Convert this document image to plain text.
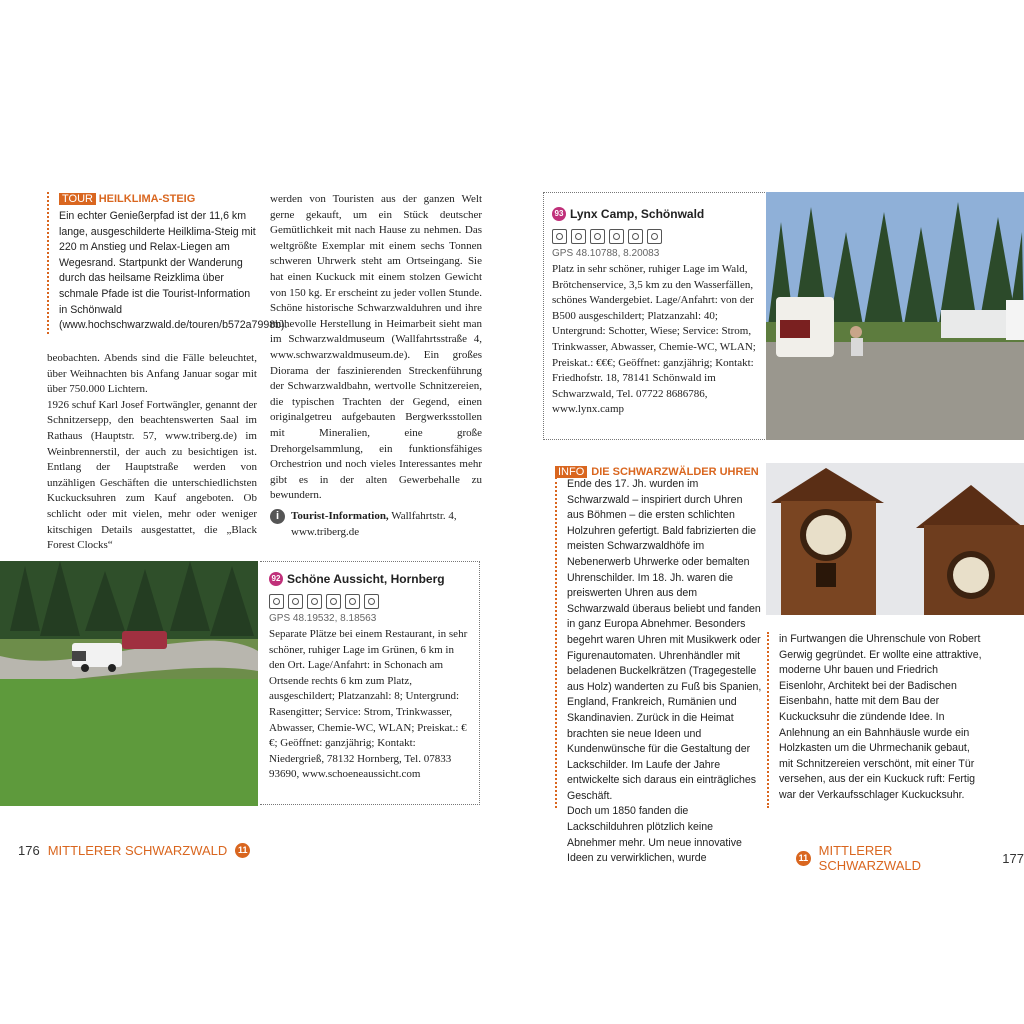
TOUR HEILKLIMA-STEIG

Ein echter Genießerpfad ist der 11,6 km lange, ausgeschilderte Heilklima-Steig mit 220 m Anstieg und Relax-Liegen am Wegesrand. Startpunkt der Wanderung durch das heilsame Reizklima über schmale Pfade ist die Tourist-Information in Schönwald (www.hochschwarzwald.de/touren/b572a7998b).

beobachten. Abends sind die Fälle beleuchtet, über Weihnachten bis Anfang Januar sogar mit über 750.000 Lichtern.

1926 schuf Karl Josef Fortwängler, genannt der Schnitzersepp, den beachtenswerten Saal im Rathaus (Hauptstr. 57, www.triberg.de) im Weinbrennerstil, der auch zu besichtigen ist. Entlang der Hauptstraße werden von unzähligen Geschäften die unterschiedlichsten Kuckucksuhren zum Kauf angeboten. Ob schlicht oder mit vielen, mehr oder weniger kitschigen Details ausgestattet, die „Black Forest Clocks“

werden von Touristen aus der ganzen Welt gerne gekauft, um ein Stück deutscher Gemütlichkeit mit nach Hause zu nehmen. Das weltgrößte Exemplar mit einem sechs Tonnen schweren Uhrwerk steht am Ortseingang. Sie hat einen Kuckuck mit einem stolzen Gewicht von 150 kg. Er erscheint zu jeder vollen Stunde. Schöne historische Schwarzwalduhren und ihre mühevolle Herstellung in Heimarbeit sieht man im Schwarzwaldmuseum (Wallfahrtsstraße 4, www.schwarzwaldmuseum.de). Ein großes Diorama der faszinierenden Streckenführung der Schwarzwaldbahn, wertvolle Schnitzereien, die typischen Trachten der Gegend, einen originalgetreu aufgebauten Bergwerksstollen mit Mineralien, eine große Drehorgelsammlung, ein funktionsfähiges Orchestrion und noch vieles Interessantes mehr gibt es in der alten Gewerbehalle zu bewundern.

i	Tourist-Information, Wallfahrtstr. 4, www.triberg.de

92 Schöne Aussicht, Hornberg

GPS 48.19532, 8.18563

Separate Plätze bei einem Restaurant, in sehr schöner, ruhiger Lage im Grünen, 6 km in den Ort. Lage/Anfahrt: in Schonach am Ortsende rechts 6 km zum Platz, ausgeschildert; Platzanzahl: 8; Untergrund: Rasengitter; Service: Strom, Trinkwasser, Abwasser, Chemie-WC, WLAN; Preiskat.: €€; Geöffnet: ganzjährig; Kontakt: Niedergrieß, 78132 Hornberg, Tel. 07833 93690, www.schoeneaussicht.com

93 Lynx Camp, Schönwald

GPS 48.10788, 8.20083

Platz in sehr schöner, ruhiger Lage im Wald, Brötchenservice, 3,5 km zu den Wasserfällen, schönes Wandergebiet. Lage/Anfahrt: von der B500 ausgeschildert; Platzanzahl: 40; Untergrund: Schotter, Wiese; Service: Strom, Trinkwasser, Abwasser, Chemie-WC, WLAN; Preiskat.: €€€; Geöffnet: ganzjährig; Kontakt: Friedhofstr. 18, 78141 Schönwald im Schwarzwald, Tel. 07722 8686786, www.lynx.camp

INFO DIE SCHWARZWÄLDER UHREN

Ende des 17. Jh. wurden im Schwarzwald – inspiriert durch Uhren aus Böhmen – die ersten schlichten Holzuhren gefertigt. Bald fabrizierten die meisten Schwarzwaldhöfe im Nebenerwerb Uhrwerke oder bemalten Uhrenschilder. Im 18. Jh. waren die preiswerten Uhren aus dem Schwarzwald überaus beliebt und fanden in ganz Europa Abnehmer. Besonders begehrt waren Uhren mit Musikwerk oder Figurenautomaten. Uhrenhändler mit beladenen Buckelkrätzen (Tragegestelle aus Holz) wanderten zu Fuß bis Spanien, England, Frankreich, Rumänien und Skandinavien. Zurück in die Heimat brachten sie neue Ideen und Kundenwünsche für die Gestaltung der Lackschilder. Im Laufe der Jahre entwickelte sich daraus ein einträgliches Geschäft.

Doch um 1850 fanden die Lackschilduhren plötzlich keine Abnehmer mehr. Um neue innovative Ideen zu verwirklichen, wurde

in Furtwangen die Uhrenschule von Robert Gerwig gegründet. Er wollte eine attraktive, moderne Uhr bauen und Friedrich Eisenlohr, Architekt bei der Badischen Eisenbahn, hatte mit dem Bau der Kuckucksuhr die zündende Idee. In Anlehnung an ein Bahnhäusle wurde ein Holzkasten um die Uhrmechanik gebaut, mit Schnitzereien verschönt, mit einer Tür versehen, aus der ein Kuckuck ruft: Fertig war der Verkaufsschlager Kuckucksuhr.

176 MITTLERER SCHWARZWALD	11
11 MITTLERER SCHWARZWALD	177
